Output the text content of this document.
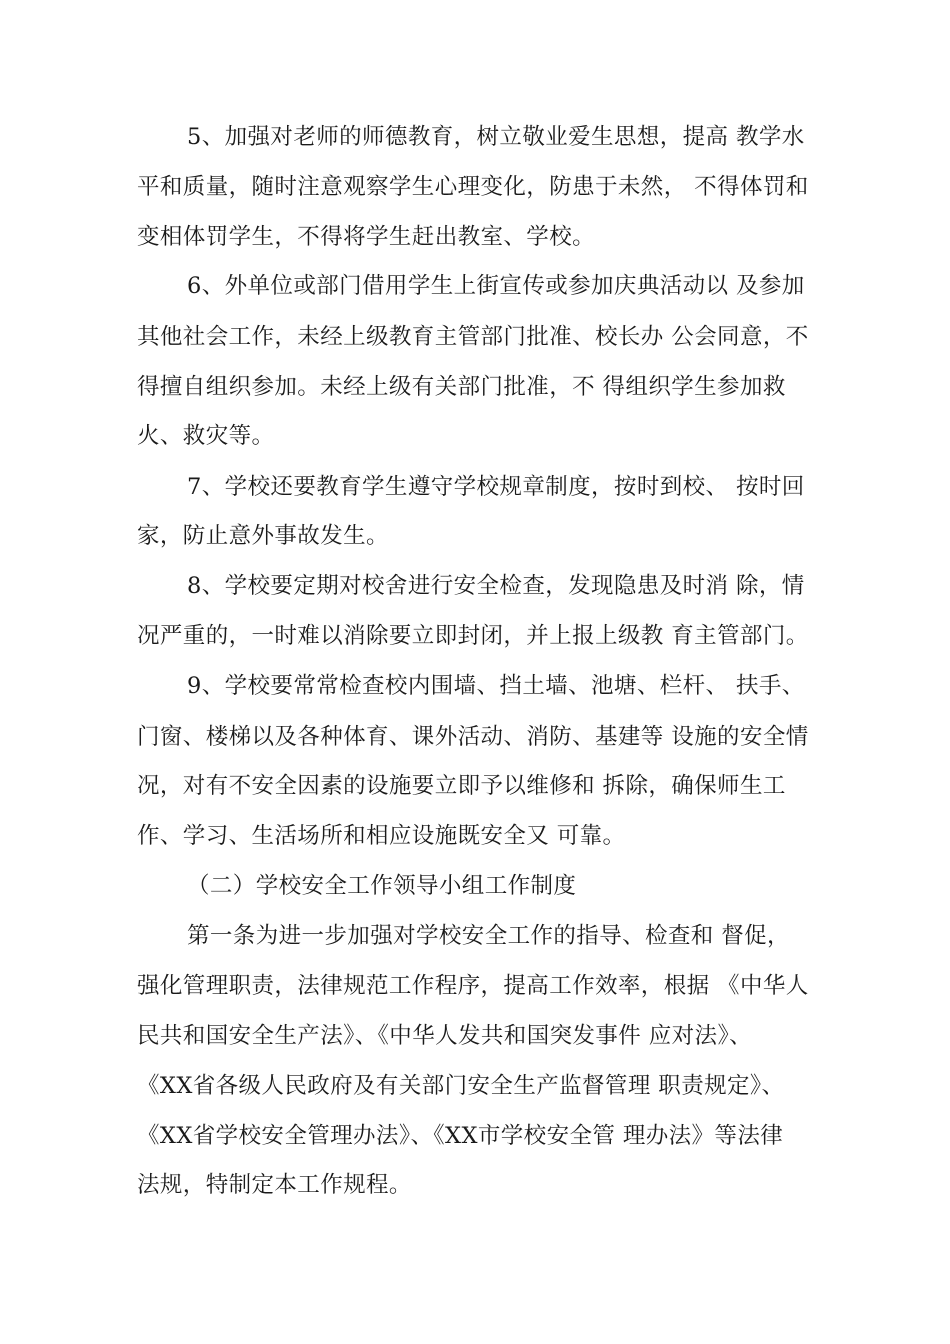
5、加强对老师的师德教育，树立敬业爱生思想，提高 教学水
平和质量，随时注意观察学生心理变化，防患于未然， 不得体罚和
变相体罚学生，不得将学生赶出教室、学校。
6、外单位或部门借用学生上街宣传或参加庆典活动以 及参加
其他社会工作，未经上级教育主管部门批准、校长办 公会同意，不
得擅自组织参加。未经上级有关部门批准，不 得组织学生参加救
火、救灾等。
7、学校还要教育学生遵守学校规章制度，按时到校、 按时回
家，防止意外事故发生。
8、学校要定期对校舍进行安全检查，发现隐患及时消 除，情
况严重的，一时难以消除要立即封闭，并上报上级教 育主管部门。
9、学校要常常检查校内围墙、挡土墙、池塘、栏杆、 扶手、
门窗、楼梯以及各种体育、课外活动、消防、基建等 设施的安全情
况，对有不安全因素的设施要立即予以维修和 拆除，确保师生工
作、学习、生活场所和相应设施既安全又 可靠。
（二）学校安全工作领导小组工作制度
第一条为进一步加强对学校安全工作的指导、检查和 督促，
强化管理职责，法律规范工作程序，提高工作效率，根据 《中华人
民共和国安全生产法》、《中华人发共和国突发事件 应对法》、
《XX省各级人民政府及有关部门安全生产监督管理 职责规定》、
《XX省学校安全管理办法》、《XX市学校安全管 理办法》等法律
法规，特制定本工作规程。
